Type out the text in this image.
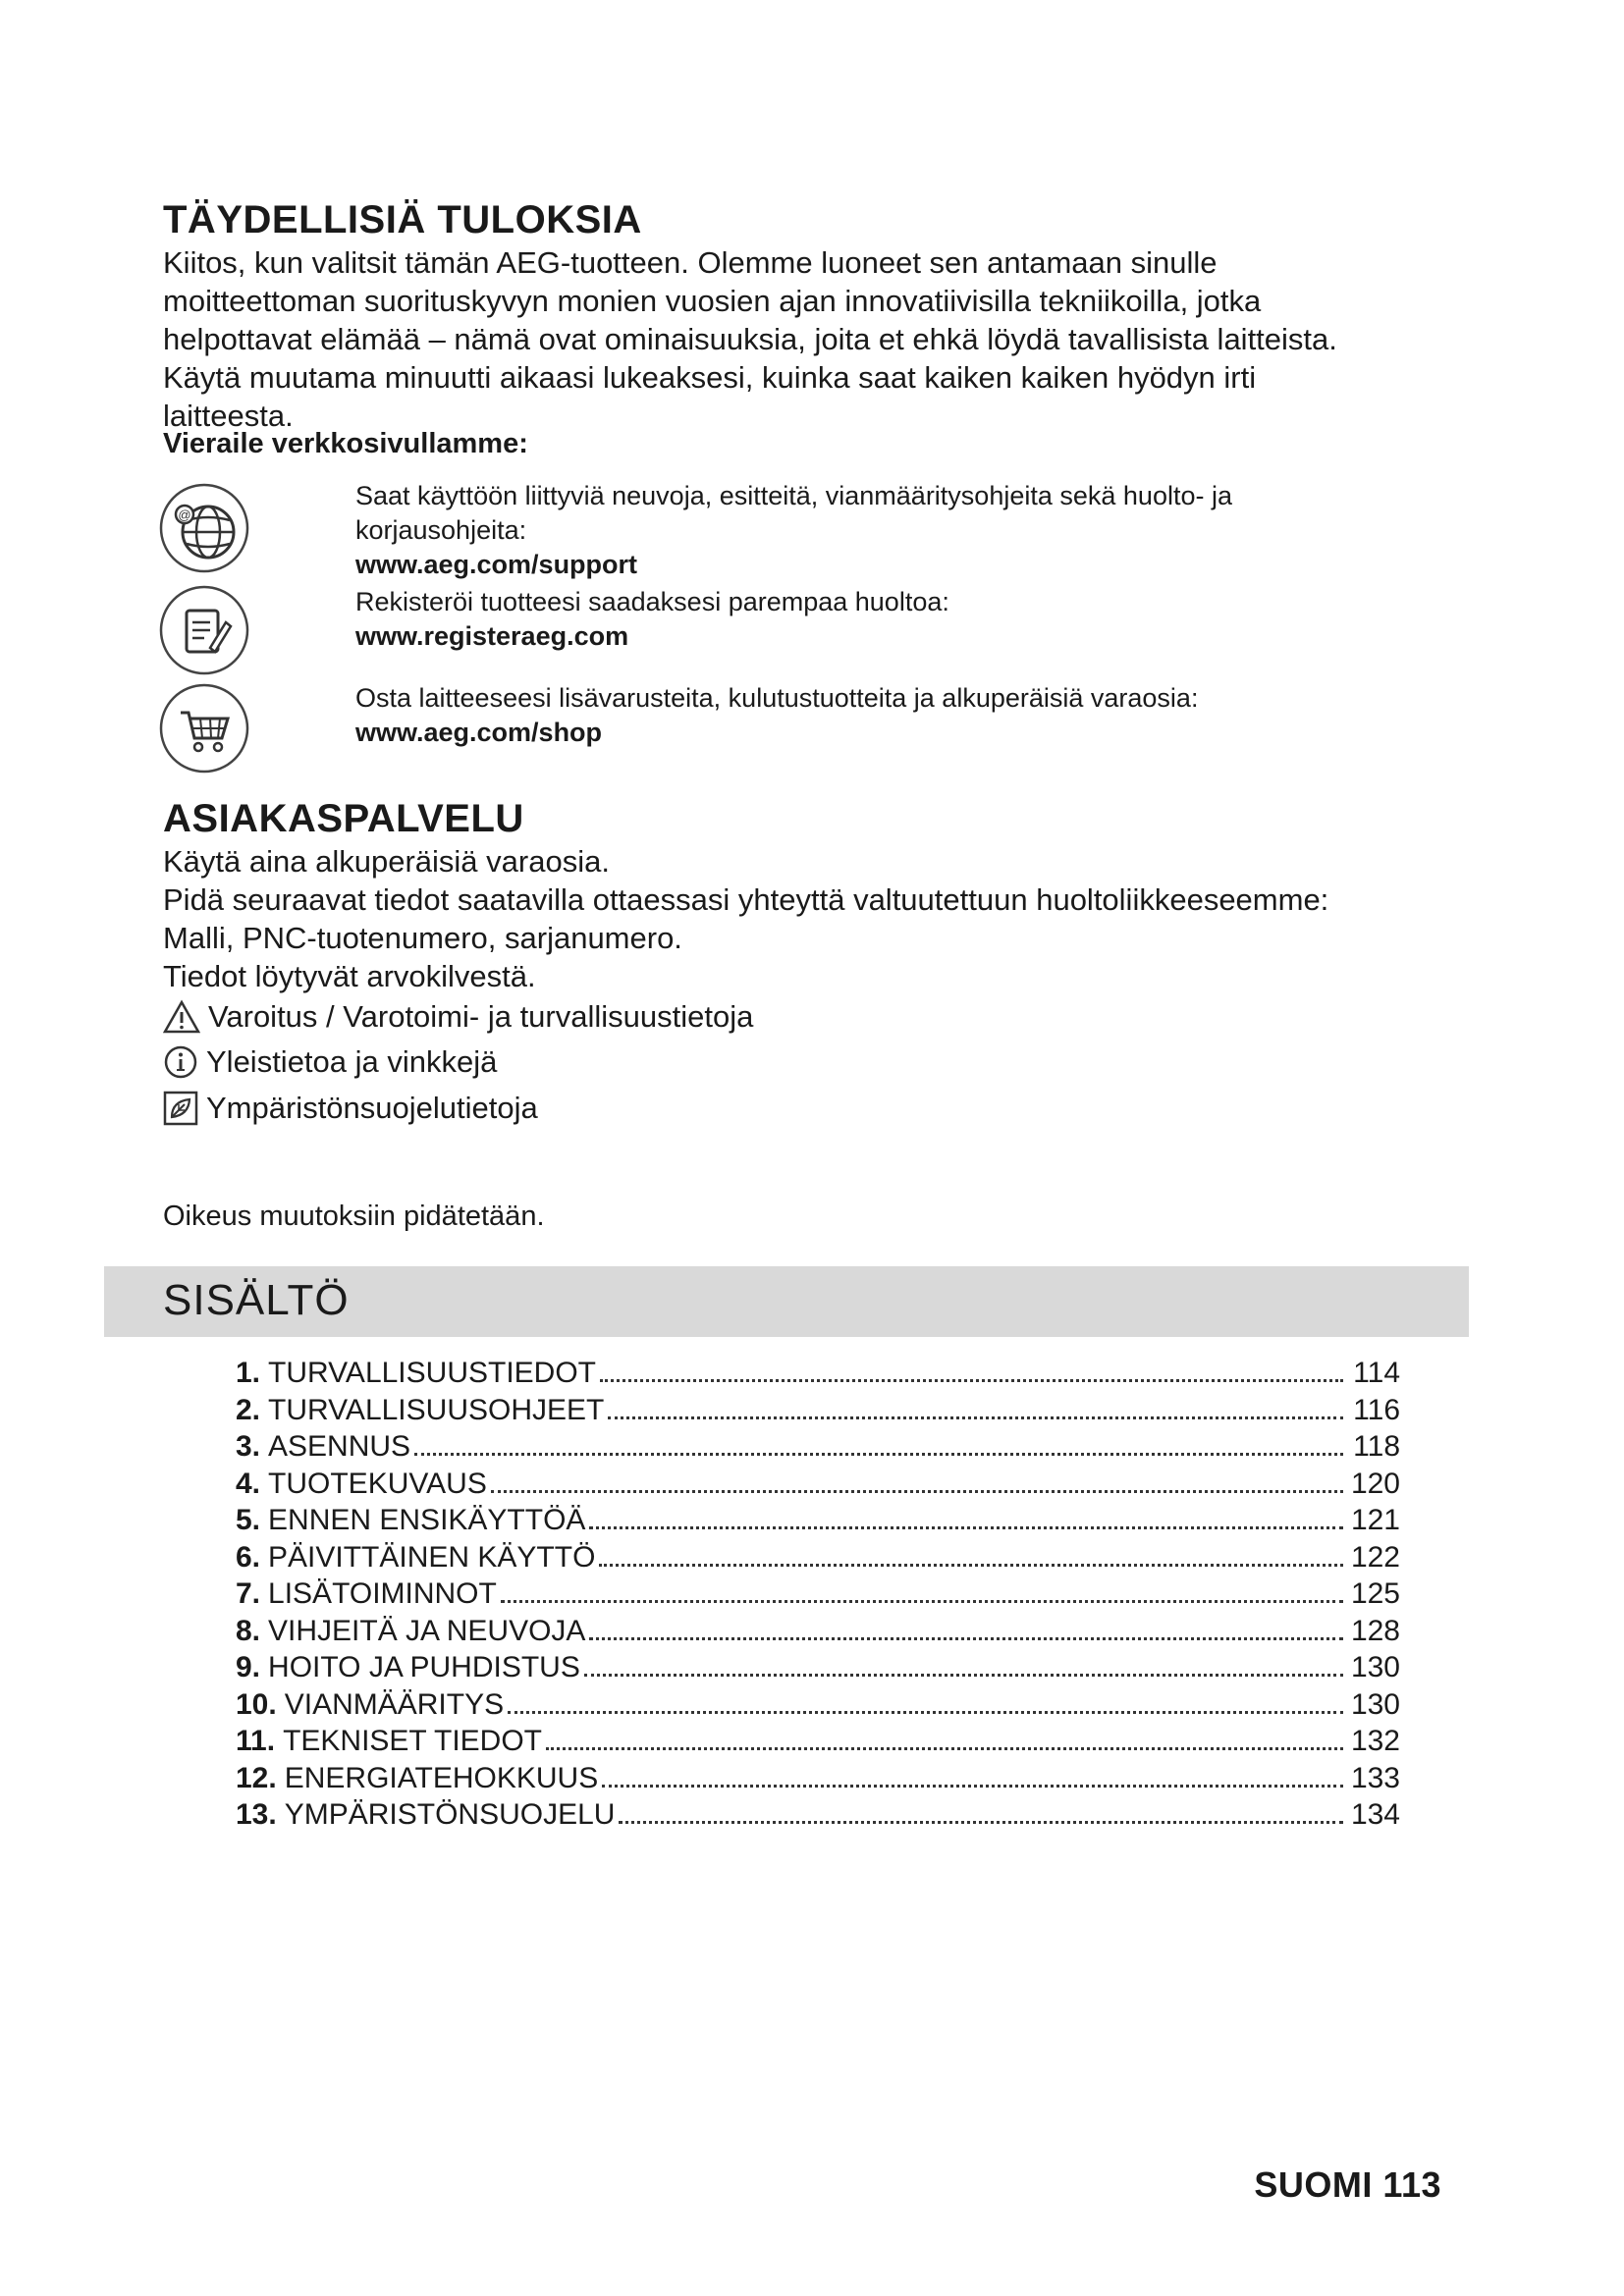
TÄYDELLISIÄ TULOKSIA
Kiitos, kun valitsit tämän AEG-tuotteen. Olemme luoneet sen antamaan sinulle
moitteettoman suorituskyvyn monien vuosien ajan innovatiivisilla tekniikoilla, jotka
helpottavat elämää – nämä ovat ominaisuuksia, joita et ehkä löydä tavallisista laitteista.
Käytä muutama minuutti aikaasi lukeaksesi, kuinka saat kaiken kaiken hyödyn irti
laitteesta.
Vieraile verkkosivullamme:
@
Saat käyttöön liittyviä neuvoja, esitteitä, vianmääritysohjeita sekä huolto- ja
korjausohjeita:
www.aeg.com/support
Rekisteröi tuotteesi saadaksesi parempaa huoltoa:
www.registeraeg.com
Osta laitteeseesi lisävarusteita, kulutustuotteita ja alkuperäisiä varaosia:
www.aeg.com/shop
ASIAKASPALVELU
Käytä aina alkuperäisiä varaosia.
Pidä seuraavat tiedot saatavilla ottaessasi yhteyttä valtuutettuun huoltoliikkeeseemme:
Malli, PNC-tuotenumero, sarjanumero.
Tiedot löytyvät arvokilvestä.
Varoitus / Varotoimi- ja turvallisuustietoja
Yleistietoa ja vinkkejä
Ympäristönsuojelutietoja
Oikeus muutoksiin pidätetään.
SISÄLTÖ
1. TURVALLISUUSTIEDOT	114
2. TURVALLISUUSOHJEET	116
3. ASENNUS	118
4. TUOTEKUVAUS	120
5. ENNEN ENSIKÄYTTÖÄ	121
6. PÄIVITTÄINEN KÄYTTÖ	122
7. LISÄTOIMINNOT	125
8. VIHJEITÄ JA NEUVOJA	128
9. HOITO JA PUHDISTUS	130
10. VIANMÄÄRITYS	130
11. TEKNISET TIEDOT	132
12. ENERGIATEHOKKUUS	133
13. YMPÄRISTÖNSUOJELU	134
SUOMI 113
